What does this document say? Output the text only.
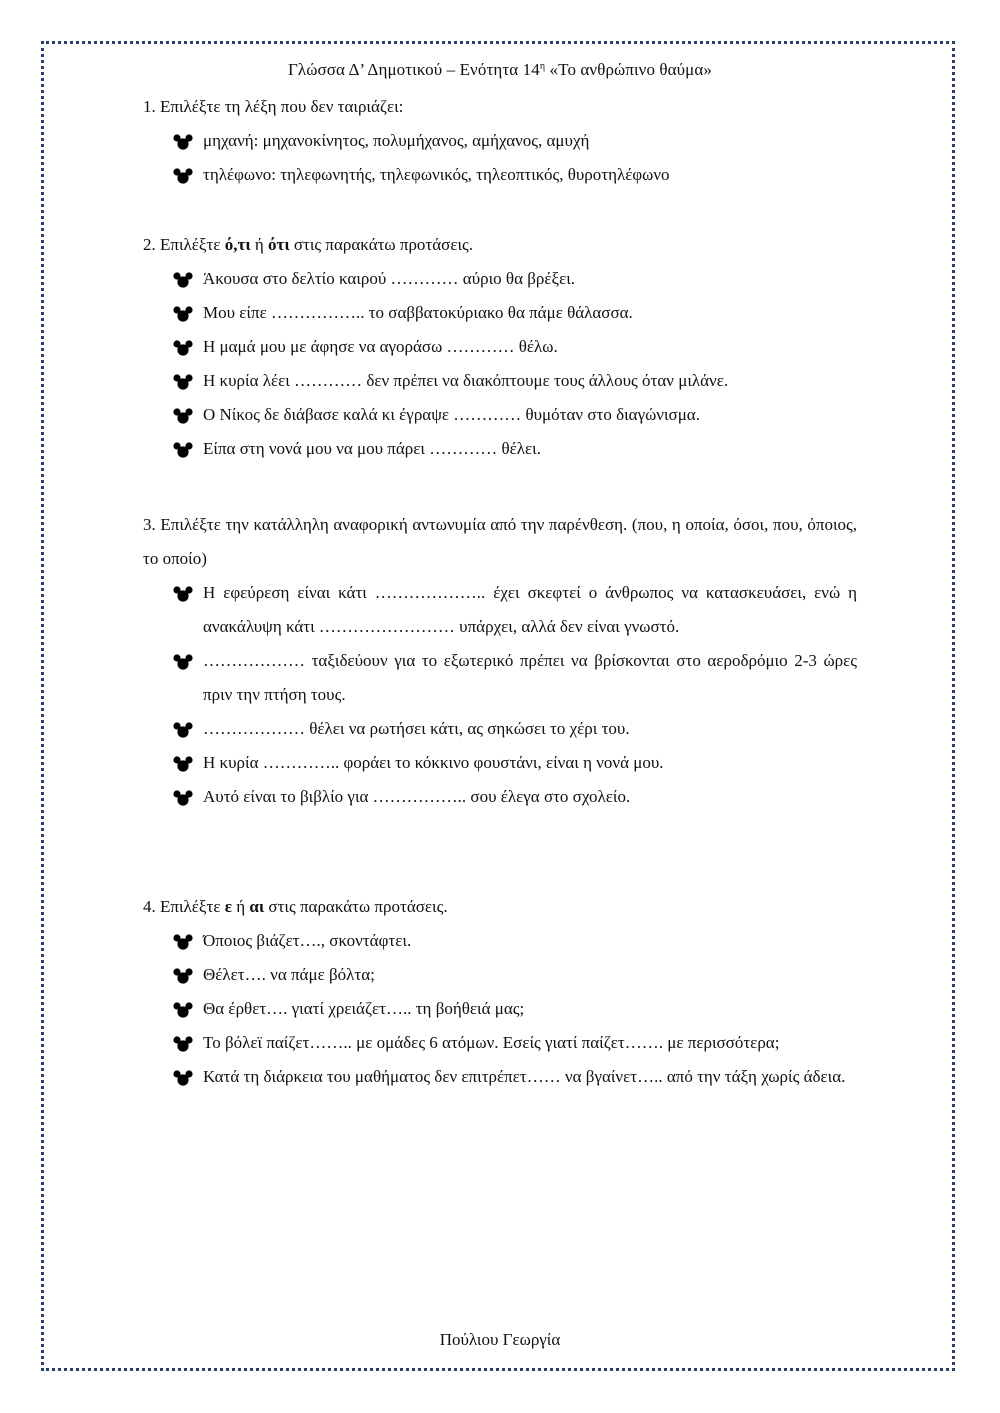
Γλώσσα Δ’ Δημοτικού – Ενότητα $14^\eta$ «Το ανθρώπινο θαύμα»
1. Επιλέξτε τη λέξη που δεν ταιριάζει:
μηχανή: μηχανοκίνητος, πολυμήχανος, αμήχανος, αμυχή
τηλέφωνο: τηλεφωνητής, τηλεφωνικός, τηλεοπτικός, θυροτηλέφωνο
2. Επιλέξτε ό,τι ή ότι στις παρακάτω προτάσεις.
Άκουσα στο δελτίο καιρού ………… αύριο θα βρέξει.
Μου είπε …………….. το σαββατοκύριακο θα πάμε θάλασσα.
Η μαμά μου με άφησε να αγοράσω ………… θέλω.
Η κυρία λέει ………… δεν πρέπει να διακόπτουμε τους άλλους όταν μιλάνε.
Ο Νίκος δε διάβασε καλά κι έγραψε ………… θυμόταν στο διαγώνισμα.
Είπα στη νονά μου να μου πάρει ………… θέλει.
3. Επιλέξτε την κατάλληλη αναφορική αντωνυμία από την παρένθεση. (που, η οποία, όσοι, που, όποιος, το οποίο)
Η εφεύρεση είναι κάτι ……………….. έχει σκεφτεί ο άνθρωπος να κατασκευάσει, ενώ η ανακάλυψη κάτι …………………… υπάρχει, αλλά δεν είναι γνωστό.
……………… ταξιδεύουν για το εξωτερικό πρέπει να βρίσκονται στο αεροδρόμιο 2-3 ώρες πριν την πτήση τους.
……………… θέλει να ρωτήσει κάτι, ας σηκώσει το χέρι του.
Η κυρία ………….. φοράει το κόκκινο φουστάνι, είναι η νονά μου.
Αυτό είναι το βιβλίο για …………….. σου έλεγα στο σχολείο.
4. Επιλέξτε ε ή αι στις παρακάτω προτάσεις.
Όποιος βιάζετ…., σκοντάφτει.
Θέλετ…. να πάμε βόλτα;
Θα έρθετ…. γιατί χρειάζετ….. τη βοήθειά μας;
Το βόλεϊ παίζετ…….. με ομάδες 6 ατόμων. Εσείς γιατί παίζετ……. με περισσότερα;
Κατά τη διάρκεια του μαθήματος δεν επιτρέπετ…… να βγαίνετ….. από την τάξη χωρίς άδεια.
Πούλιου Γεωργία
